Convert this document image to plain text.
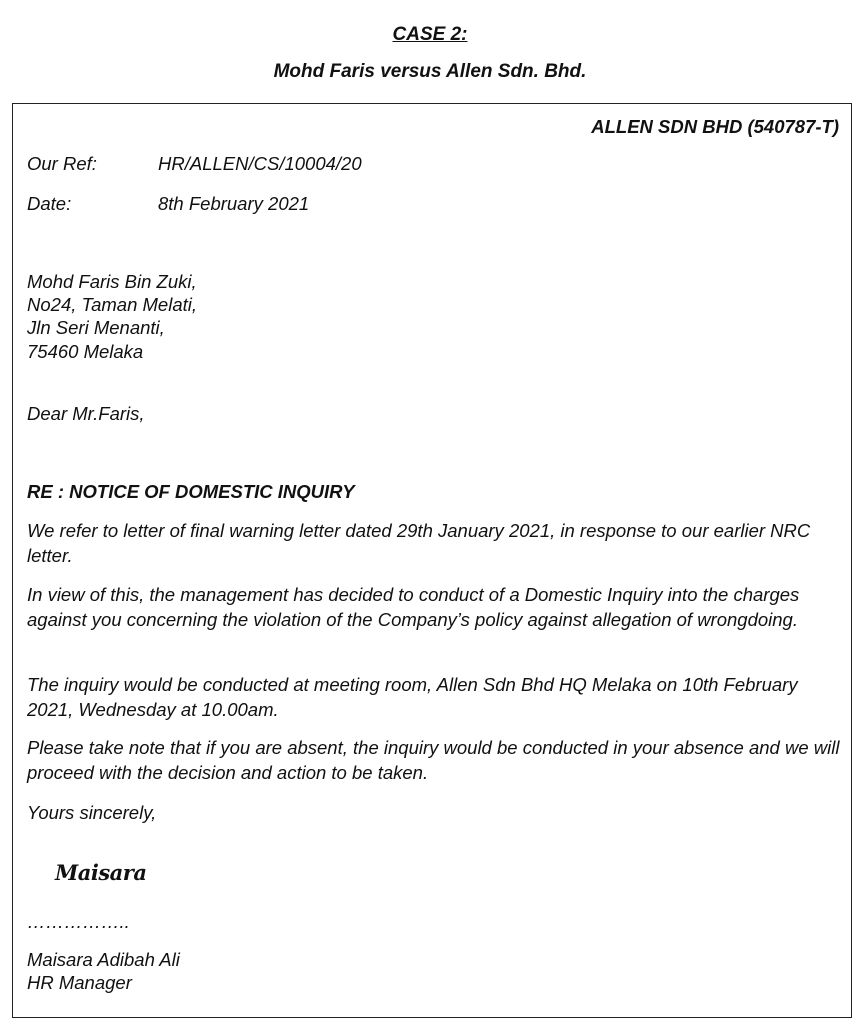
CASE 2:
Mohd Faris versus Allen Sdn. Bhd.
ALLEN SDN BHD (540787-T)
Our Ref:	HR/ALLEN/CS/10004/20
Date:	8th February 2021
Mohd Faris Bin Zuki,
No24, Taman Melati,
Jln Seri Menanti,
75460 Melaka
Dear Mr.Faris,
RE : NOTICE OF DOMESTIC INQUIRY
We refer to letter of final warning letter dated 29th January 2021, in response to our earlier NRC letter.
In view of this, the management has decided to conduct of a Domestic Inquiry into the charges against you concerning the violation of the Company’s policy against allegation of wrongdoing.
The inquiry would be conducted at meeting room, Allen Sdn Bhd HQ Melaka on 10th February 2021, Wednesday at 10.00am.
Please take note that if you are absent, the inquiry would be conducted in your absence and we will proceed with the decision and action to be taken.
Yours sincerely,
Maisara
……………..
Maisara Adibah Ali
HR Manager
